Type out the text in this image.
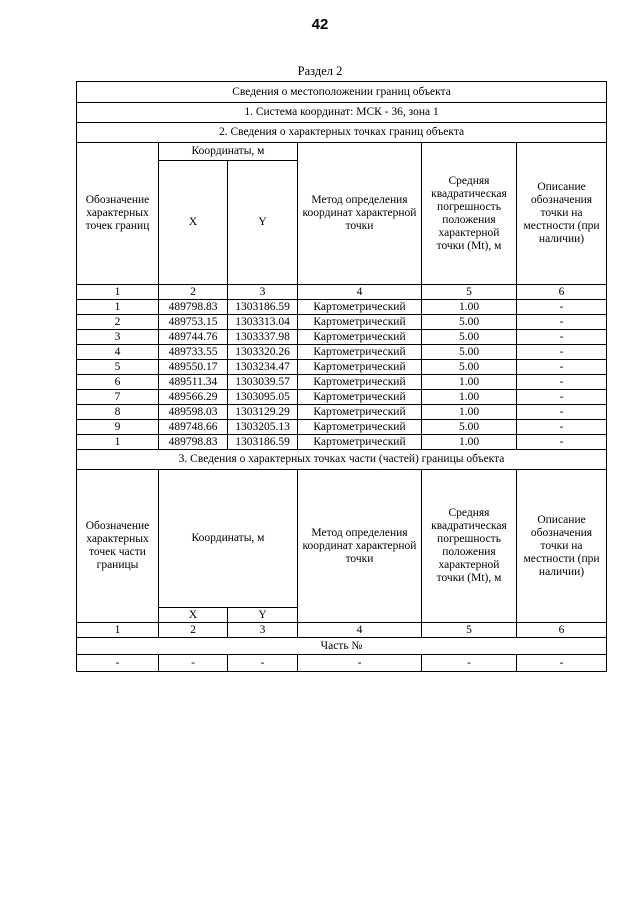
42
Раздел 2
Сведения о местоположении границ объекта					
1. Система координат: МСК - 36, зона 1					
2. Сведения о характерных точках границ объекта					
Обозначение характерных точек границ	Координаты, м		Метод определения координат характерной точки	Средняя квадратическая погрешность положения характерной точки (Mt), м	Описание обозначения точки на местности (при наличии)
	X	Y			
1	2	3	4	5	6
1	489798.83	1303186.59	Картометрический	1.00	-
2	489753.15	1303313.04	Картометрический	5.00	-
3	489744.76	1303337.98	Картометрический	5.00	-
4	489733.55	1303320.26	Картометрический	5.00	-
5	489550.17	1303234.47	Картометрический	5.00	-
6	489511.34	1303039.57	Картометрический	1.00	-
7	489566.29	1303095.05	Картометрический	1.00	-
8	489598.03	1303129.29	Картометрический	1.00	-
9	489748.66	1303205.13	Картометрический	5.00	-
1	489798.83	1303186.59	Картометрический	1.00	-
3. Сведения о характерных точках части (частей) границы объекта					
Обозначение характерных точек части границы	Координаты, м		Метод определения координат характерной точки	Средняя квадратическая погрешность положения характерной точки (Mt), м	Описание обозначения точки на местности (при наличии)
	X	Y			
1	2	3	4	5	6
Часть №					
-	-	-	-	-	-
